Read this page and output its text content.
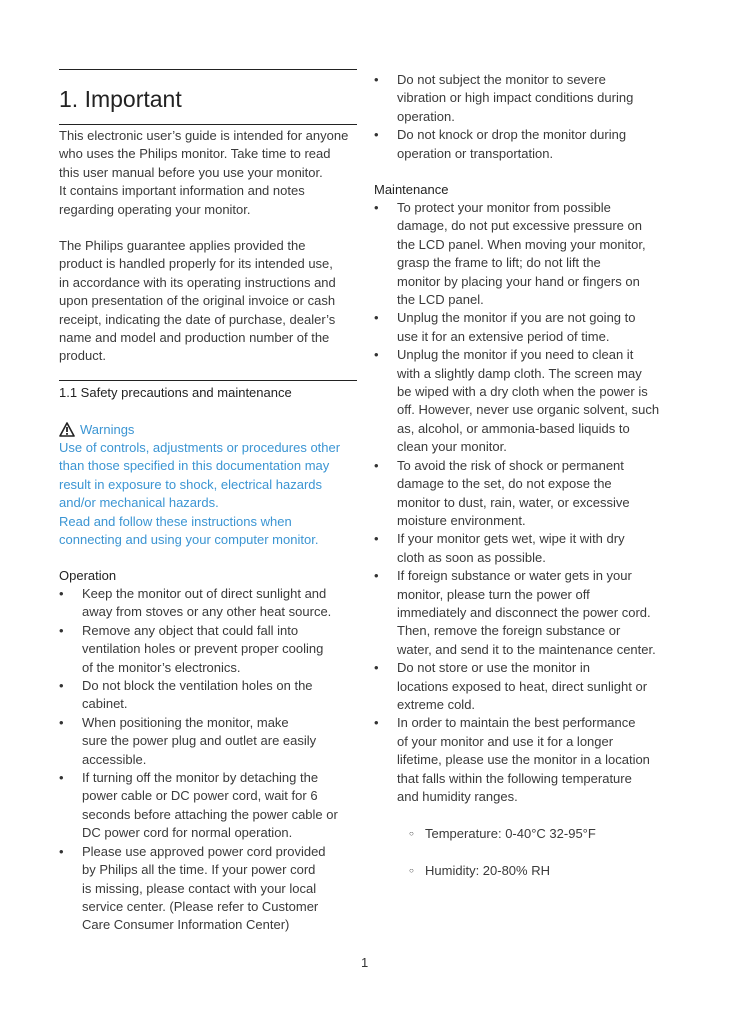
1. Important
This electronic user’s guide is intended for anyone
who uses the Philips monitor. Take time to read
this user manual before you use your monitor.
It contains important information and notes
regarding operating your monitor.
The Philips guarantee applies provided the
product is handled properly for its intended use,
in accordance with its operating instructions and
upon presentation of the original invoice or cash
receipt, indicating the date of purchase, dealer’s
name and model and production number of the
product.
1.1 Safety precautions and maintenance
Warnings
Use of controls, adjustments or procedures other
than those specified in this documentation may
result in exposure to shock, electrical hazards
and/or mechanical hazards.
Read and follow these instructions when
connecting and using your computer monitor.
Operation
• Keep the monitor out of direct sunlight and
away from stoves or any other heat source.
• Remove any object that could fall into
ventilation holes or prevent proper cooling
of the monitor’s electronics.
• Do not block the ventilation holes on the
cabinet.
• When positioning the monitor, make
sure the power plug and outlet are easily
accessible.
• If turning off the monitor by detaching the
power cable or DC power cord, wait for 6
seconds before attaching the power cable or
DC power cord for normal operation.
• Please use approved power cord provided
by Philips all the time. If your power cord
is missing, please contact with your local
service center. (Please refer to Customer
Care Consumer Information Center)
• Do not subject the monitor to severe
vibration or high impact conditions during
operation.
• Do not knock or drop the monitor during
operation or transportation.
Maintenance
• To protect your monitor from possible
damage, do not put excessive pressure on
the LCD panel. When moving your monitor,
grasp the frame to lift; do not lift the
monitor by placing your hand or fingers on
the LCD panel.
• Unplug the monitor if you are not going to
use it for an extensive period of time.
• Unplug the monitor if you need to clean it
with a slightly damp cloth. The screen may
be wiped with a dry cloth when the power is
off. However, never use organic solvent, such
as, alcohol, or ammonia-based liquids to
clean your monitor.
• To avoid the risk of shock or permanent
damage to the set, do not expose the
monitor to dust, rain, water, or excessive
moisture environment.
• If your monitor gets wet, wipe it with dry
cloth as soon as possible.
• If foreign substance or water gets in your
monitor, please turn the power off
immediately and disconnect the power cord.
Then, remove the foreign substance or
water, and send it to the maintenance center.
• Do not store or use the monitor in
locations exposed to heat, direct sunlight or
extreme cold.
• In order to maintain the best performance
of your monitor and use it for a longer
lifetime, please use the monitor in a location
that falls within the following temperature
and humidity ranges.

○ Temperature: 0-40°C 32-95°F

○ Humidity: 20-80% RH

1
